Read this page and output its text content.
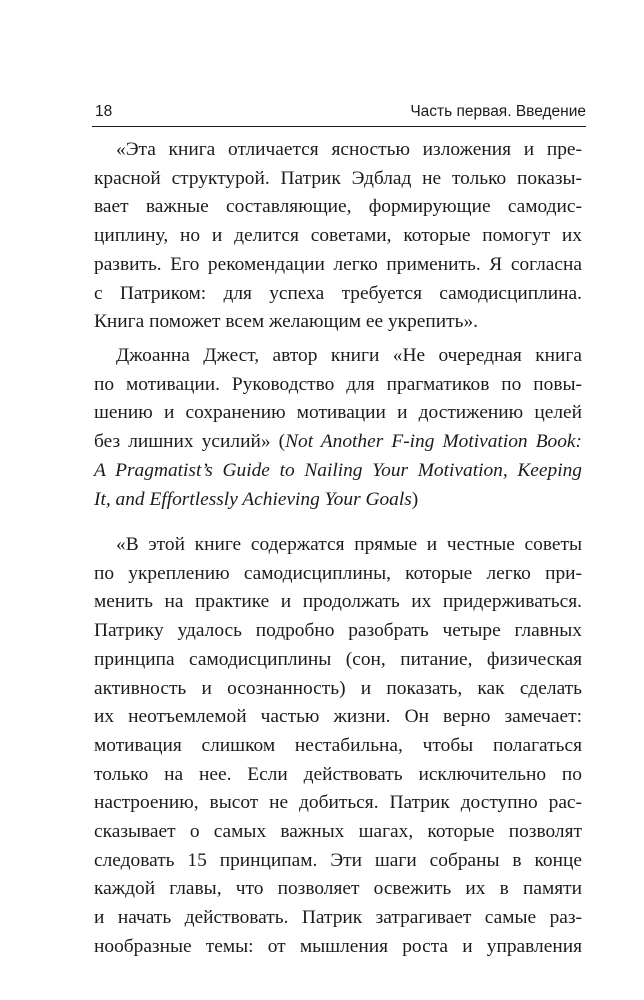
18	Часть первая. Введение
«Эта книга отличается ясностью изложения и пре-
красной структурой. Патрик Эдблад не только показы-
вает важные составляющие, формирующие самодис-
циплину, но и делится советами, которые помогут их
развить. Его рекомендации легко применить. Я согласна
с Патриком: для успеха требуется самодисциплина.
Книга поможет всем желающим ее укрепить».
Джоанна Джест, автор книги «Не очередная книга
по мотивации. Руководство для прагматиков по повы-
шению и сохранению мотивации и достижению целей
без лишних усилий» (Not Another F-ing Motivation Book:
A Pragmatist’s Guide to Nailing Your Motivation, Keeping
It, and Effortlessly Achieving Your Goals)
«В этой книге содержатся прямые и честные советы
по укреплению самодисциплины, которые легко при-
менить на практике и продолжать их придерживаться.
Патрику удалось подробно разобрать четыре главных
принципа самодисциплины (сон, питание, физическая
активность и осознанность) и показать, как сделать
их неотъемлемой частью жизни. Он верно замечает:
мотивация слишком нестабильна, чтобы полагаться
только на нее. Если действовать исключительно по
настроению, высот не добиться. Патрик доступно рас-
сказывает о самых важных шагах, которые позволят
следовать 15 принципам. Эти шаги собраны в конце
каждой главы, что позволяет освежить их в памяти
и начать действовать. Патрик затрагивает самые раз-
нообразные темы: от мышления роста и управления
